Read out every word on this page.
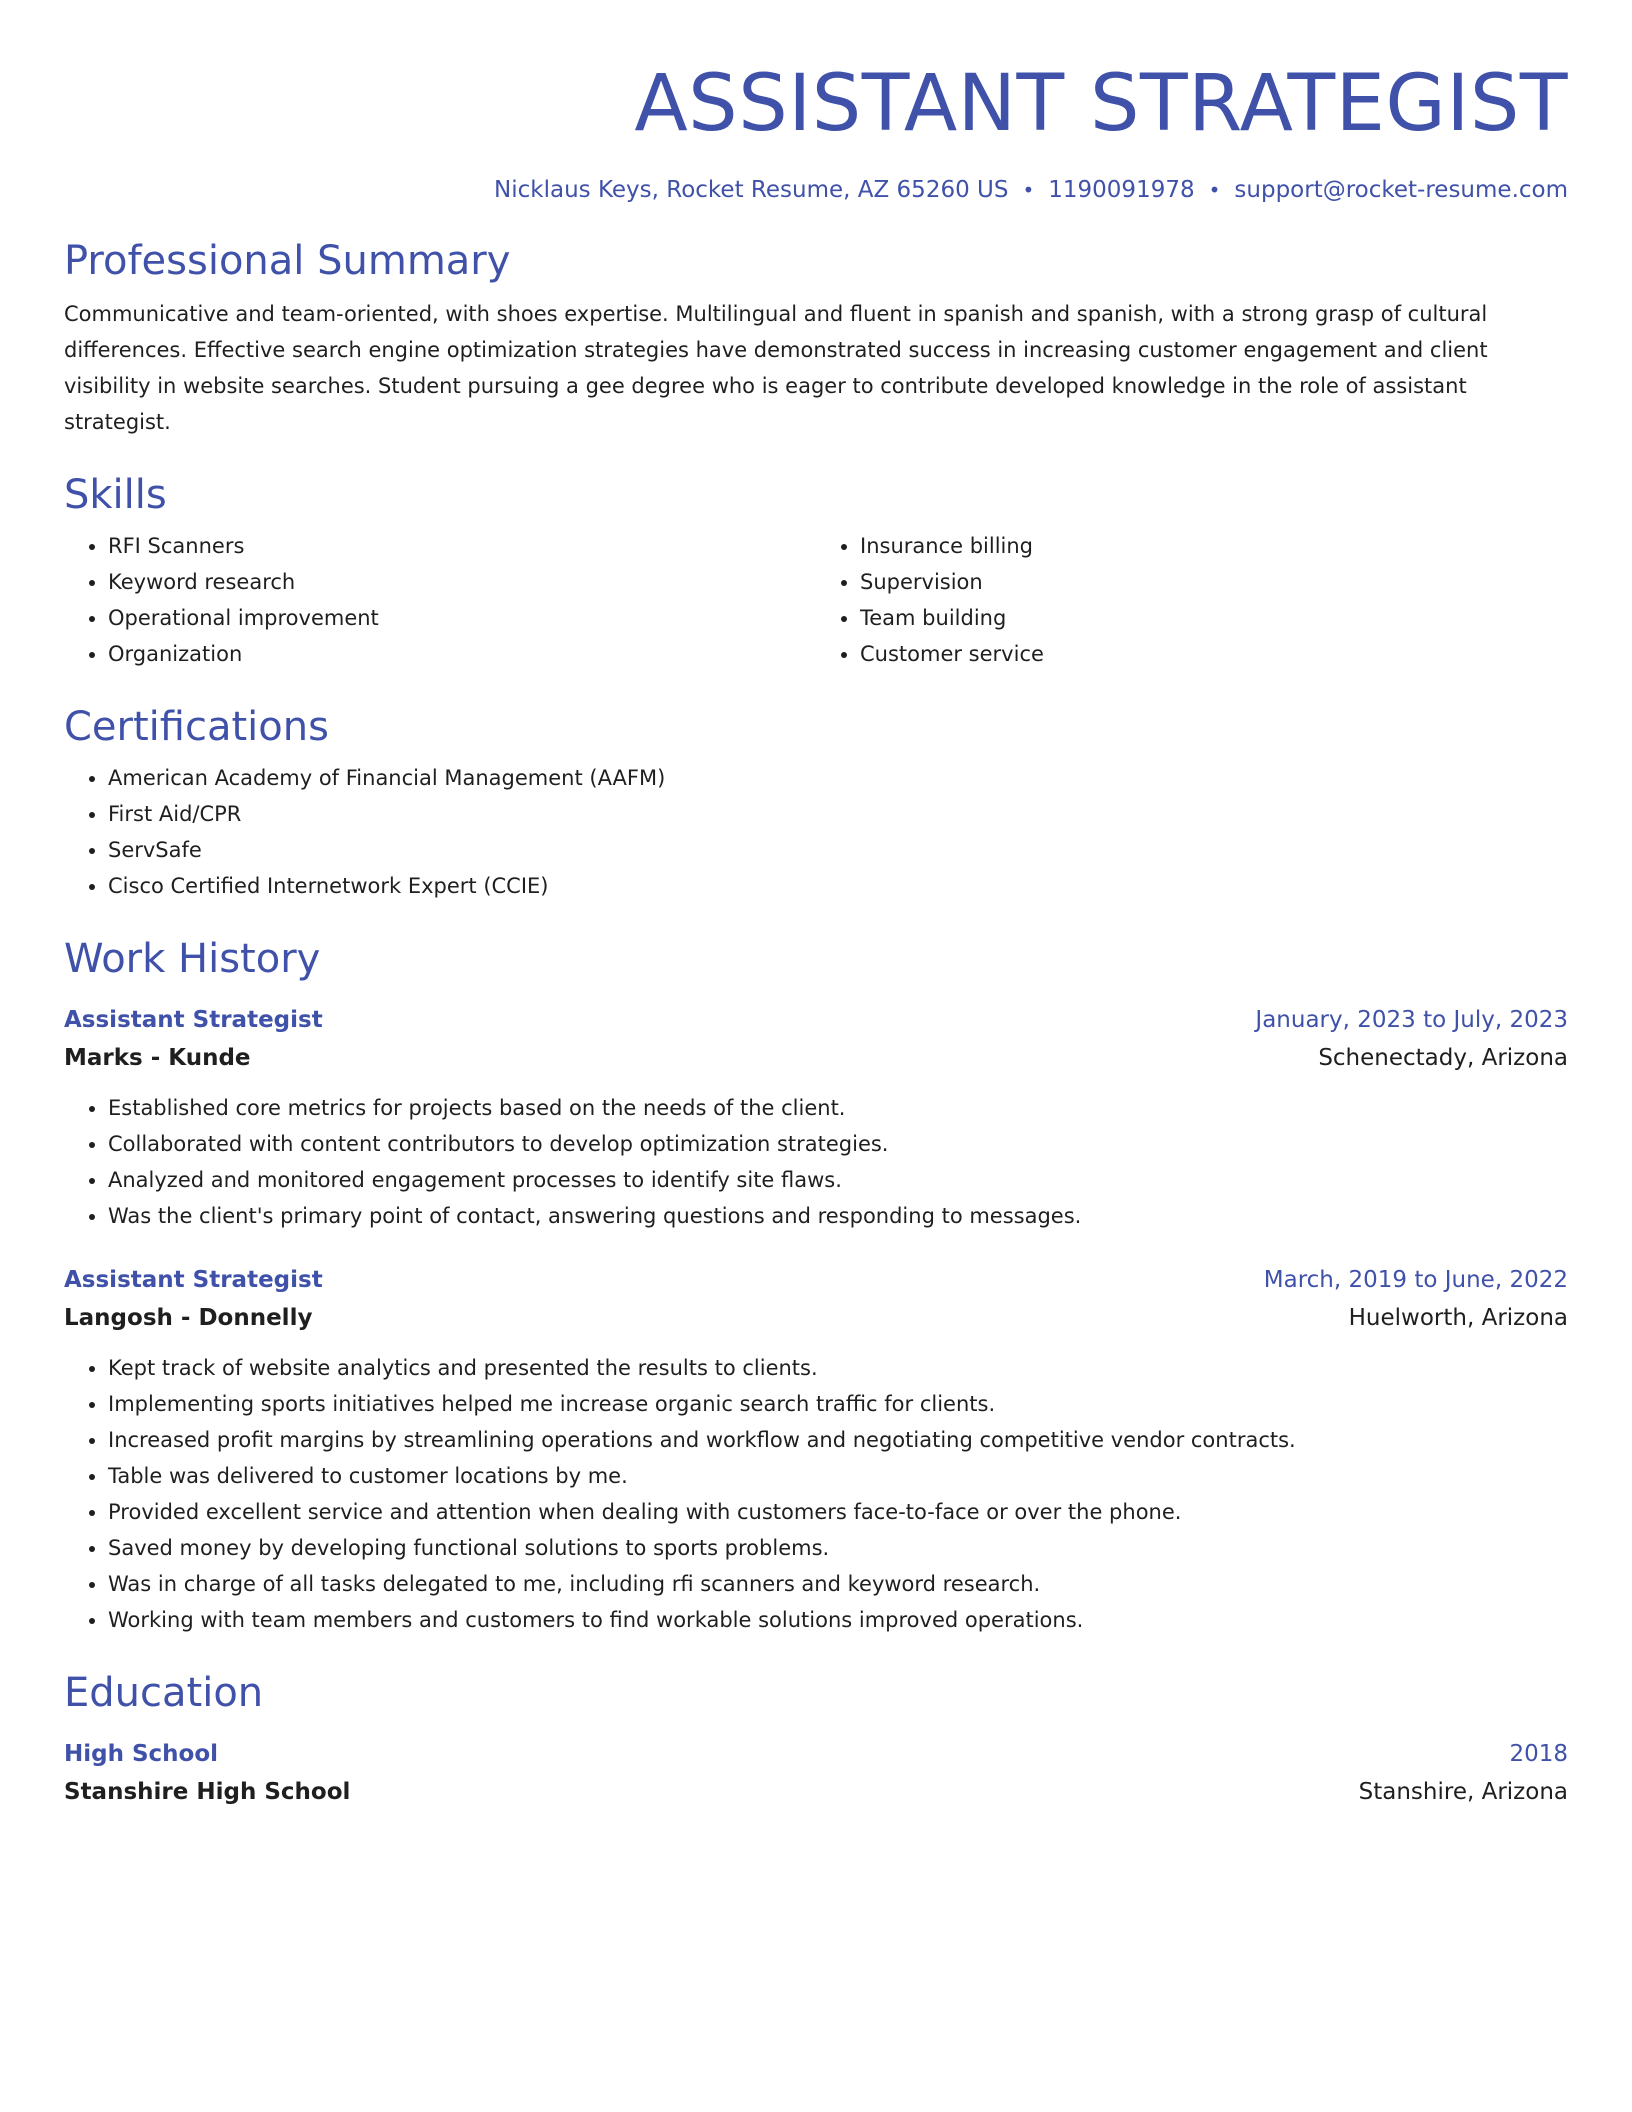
ASSISTANT STRATEGIST
Nicklaus Keys, Rocket Resume, AZ 65260 US • 1190091978 • support@rocket-resume.com
Professional Summary

Communicative and team-oriented, with shoes expertise. Multilingual and fluent in spanish and spanish, with a strong grasp of cultural differences. Effective search engine optimization strategies have demonstrated success in increasing customer engagement and client visibility in website searches. Student pursuing a gee degree who is eager to contribute developed knowledge in the role of assistant strategist.

Skills
• RFI Scanners
• Keyword research
• Operational improvement
• Organization
• Insurance billing
• Supervision
• Team building
• Customer service
Certifications
• American Academy of Financial Management (AAFM)
• First Aid/CPR
• ServSafe
• Cisco Certified Internetwork Expert (CCIE)
Work History
Assistant Strategist	January, 2023 to July, 2023
Marks - Kunde	Schenectady, Arizona
• Established core metrics for projects based on the needs of the client.
• Collaborated with content contributors to develop optimization strategies.
• Analyzed and monitored engagement processes to identify site flaws.
• Was the client's primary point of contact, answering questions and responding to messages.
Assistant Strategist	March, 2019 to June, 2022
Langosh - Donnelly	Huelworth, Arizona
• Kept track of website analytics and presented the results to clients.
• Implementing sports initiatives helped me increase organic search traffic for clients.
• Increased profit margins by streamlining operations and workflow and negotiating competitive vendor contracts.
• Table was delivered to customer locations by me.
• Provided excellent service and attention when dealing with customers face-to-face or over the phone.
• Saved money by developing functional solutions to sports problems.
• Was in charge of all tasks delegated to me, including rfi scanners and keyword research.
• Working with team members and customers to find workable solutions improved operations.
Education
High School	2018
Stanshire High School	Stanshire, Arizona
